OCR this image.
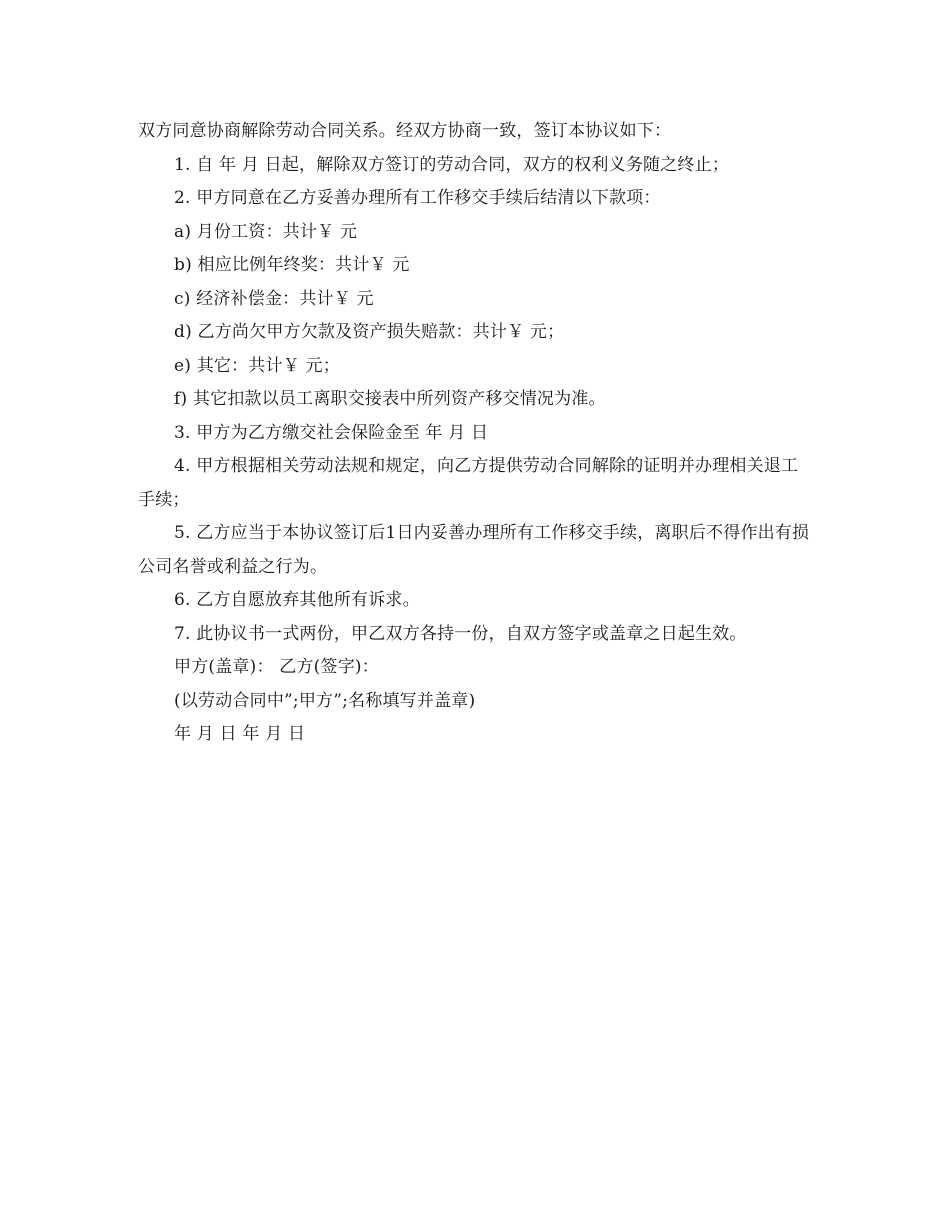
双方同意协商解除劳动合同关系。经双方协商一致，签订本协议如下：

1. 自 年 月 日起，解除双方签订的劳动合同，双方的权利义务随之终止；

2. 甲方同意在乙方妥善办理所有工作移交手续后结清以下款项：

a) 月份工资：共计￥ 元

b) 相应比例年终奖：共计￥ 元

c) 经济补偿金：共计￥ 元

d) 乙方尚欠甲方欠款及资产损失赔款：共计￥ 元；

e) 其它：共计￥ 元；

f) 其它扣款以员工离职交接表中所列资产移交情况为准。

3. 甲方为乙方缴交社会保险金至 年 月 日

4. 甲方根据相关劳动法规和规定，向乙方提供劳动合同解除的证明并办理相关退工手续；

5. 乙方应当于本协议签订后1日内妥善办理所有工作移交手续，离职后不得作出有损公司名誉或利益之行为。

6. 乙方自愿放弃其他所有诉求。

7. 此协议书一式两份，甲乙双方各持一份，自双方签字或盖章之日起生效。

甲方(盖章)： 乙方(签字)：

(以劳动合同中”;甲方”;名称填写并盖章)

年 月 日 年 月 日
